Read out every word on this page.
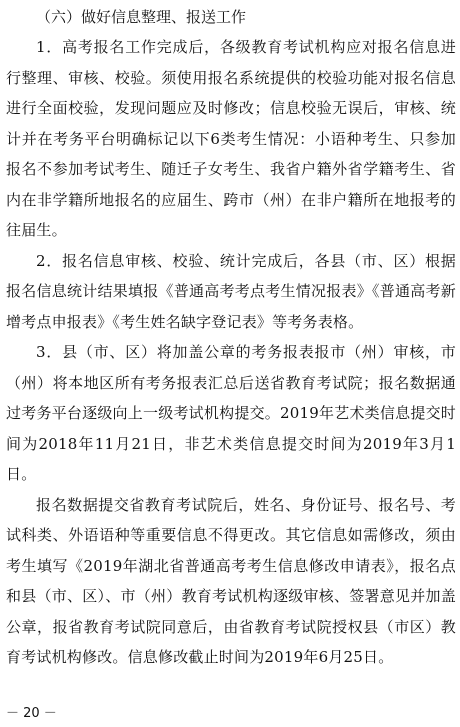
（六）做好信息整理、报送工作

1．高考报名工作完成后，各级教育考试机构应对报名信息进行整理、审核、校验。须使用报名系统提供的校验功能对报名信息进行全面校验，发现问题应及时修改；信息校验无误后，审核、统计并在考务平台明确标记以下6类考生情况：小语种考生、只参加报名不参加考试考生、随迁子女考生、我省户籍外省学籍考生、省内在非学籍所地报名的应届生、跨市（州）在非户籍所在地报考的往届生。

2．报名信息审核、校验、统计完成后，各县（市、区）根据报名信息统计结果填报《普通高考考点考生情况报表》《普通高考新增考点申报表》《考生姓名缺字登记表》等考务表格。

3．县（市、区）将加盖公章的考务报表报市（州）审核，市（州）将本地区所有考务报表汇总后送省教育考试院；报名数据通过考务平台逐级向上一级考试机构提交。2019年艺术类信息提交时间为2018年11月21日，非艺术类信息提交时间为2019年3月1日。

报名数据提交省教育考试院后，姓名、身份证号、报名号、考试科类、外语语种等重要信息不得更改。其它信息如需修改，须由考生填写《2019年湖北省普通高考考生信息修改申请表》，报名点和县（市、区）、市（州）教育考试机构逐级审核、签署意见并加盖公章，报省教育考试院同意后，由省教育考试院授权县（市区）教育考试机构修改。信息修改截止时间为2019年6月25日。

－ 20 －
